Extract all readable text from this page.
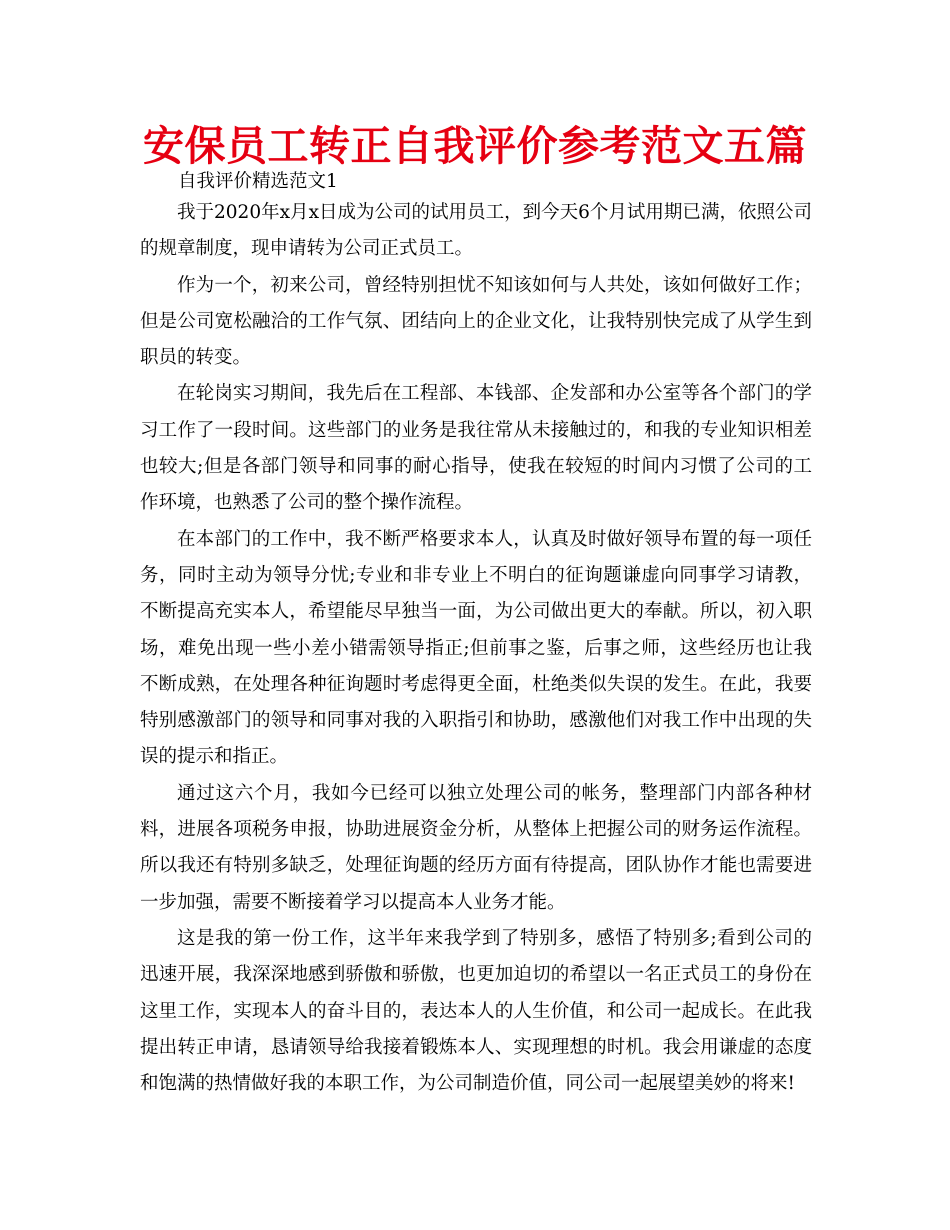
安保员工转正自我评价参考范文五篇

自我评价精选范文1

我于2020年x月x日成为公司的试用员工，到今天6个月试用期已满，依照公司的规章制度，现申请转为公司正式员工。

作为一个，初来公司，曾经特别担忧不知该如何与人共处，该如何做好工作；但是公司宽松融洽的工作气氛、团结向上的企业文化，让我特别快完成了从学生到职员的转变。

在轮岗实习期间，我先后在工程部、本钱部、企发部和办公室等各个部门的学习工作了一段时间。这些部门的业务是我往常从未接触过的，和我的专业知识相差也较大;但是各部门领导和同事的耐心指导，使我在较短的时间内习惯了公司的工作环境，也熟悉了公司的整个操作流程。

在本部门的工作中，我不断严格要求本人，认真及时做好领导布置的每一项任务，同时主动为领导分忧;专业和非专业上不明白的征询题谦虚向同事学习请教，不断提高充实本人，希望能尽早独当一面，为公司做出更大的奉献。所以，初入职场，难免出现一些小差小错需领导指正;但前事之鉴，后事之师，这些经历也让我不断成熟，在处理各种征询题时考虑得更全面，杜绝类似失误的发生。在此，我要特别感激部门的领导和同事对我的入职指引和协助，感激他们对我工作中出现的失误的提示和指正。

通过这六个月，我如今已经可以独立处理公司的帐务，整理部门内部各种材料，进展各项税务申报，协助进展资金分析，从整体上把握公司的财务运作流程。所以我还有特别多缺乏，处理征询题的经历方面有待提高，团队协作才能也需要进一步加强，需要不断接着学习以提高本人业务才能。

这是我的第一份工作，这半年来我学到了特别多，感悟了特别多;看到公司的迅速开展，我深深地感到骄傲和骄傲，也更加迫切的希望以一名正式员工的身份在这里工作，实现本人的奋斗目的，表达本人的人生价值，和公司一起成长。在此我提出转正申请，恳请领导给我接着锻炼本人、实现理想的时机。我会用谦虚的态度和饱满的热情做好我的本职工作，为公司制造价值，同公司一起展望美妙的将来!
